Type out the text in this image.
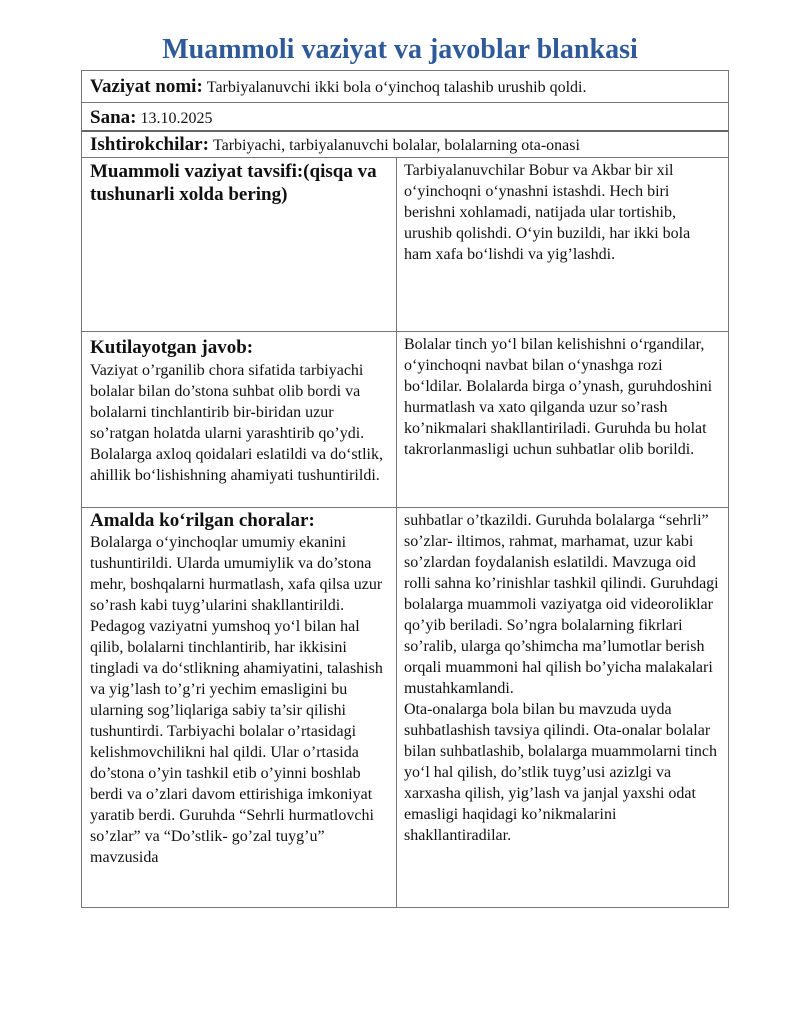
Muammoli vaziyat va javoblar blankasi
Vaziyat nomi: Tarbiyalanuvchi ikki bola o‘yinchoq talashib urushib qoldi.
Sana: 13.10.2025
Ishtirokchilar: Tarbiyachi, tarbiyalanuvchi bolalar, bolalarning ota-onasi
Muammoli vaziyat tavsifi:(qisqa va tushunarli xolda bering)
Tarbiyalanuvchilar Bobur va Akbar bir xil o‘yinchoqni o‘ynashni istashdi. Hech biri berishni xohlamadi, natijada ular tortishib, urushib qolishdi. O‘yin buzildi, har ikki bola ham xafa bo‘lishdi va yig’lashdi.
Kutilayotgan javob:
Vaziyat o’rganilib chora sifatida tarbiyachi bolalar bilan do’stona suhbat olib bordi va bolalarni tinchlantirib bir-biridan uzur so’ratgan holatda ularni yarashtirib qo’ydi. Bolalarga axloq qoidalari eslatildi va do‘stlik, ahillik bo‘lishishning ahamiyati tushuntirildi.
Bolalar tinch yo‘l bilan kelishishni o‘rgandilar, o‘yinchoqni navbat bilan o‘ynashga rozi bo‘ldilar. Bolalarda birga o’ynash, guruhdoshini hurmatlash va xato qilganda uzur so’rash ko’nikmalari shakllantiriladi. Guruhda bu holat takrorlanmasligi uchun suhbatlar olib borildi.
Amalda ko‘rilgan choralar:
Bolalarga o‘yinchoqlar umumiy ekanini tushuntirildi. Ularda umumiylik va do’stona mehr, boshqalarni hurmatlash, xafa qilsa uzur so’rash kabi tuyg’ularini shakllantirildi. Pedagog vaziyatni yumshoq yo‘l bilan hal qilib, bolalarni tinchlantirib, har ikkisini tingladi va do‘stlikning ahamiyatini, talashish va yig’lash to’g’ri yechim emasligini bu ularning sog’liqlariga sabiy ta’sir qilishi tushuntirdi. Tarbiyachi bolalar o’rtasidagi kelishmovchilikni hal qildi. Ular o’rtasida do’stona o’yin tashkil etib o’yinni boshlab berdi va o’zlari davom ettirishiga imkoniyat yaratib berdi. Guruhda “Sehrli hurmatlovchi so’zlar” va “Do’stlik- go’zal tuyg’u” mavzusida
suhbatlar o’tkazildi. Guruhda bolalarga “sehrli” so’zlar- iltimos, rahmat, marhamat, uzur kabi so’zlardan foydalanish eslatildi. Mavzuga oid rolli sahna ko’rinishlar tashkil qilindi. Guruhdagi bolalarga muammoli vaziyatga oid videoroliklar qo’yib beriladi. So’ngra bolalarning fikrlari so’ralib, ularga qo’shimcha ma’lumotlar berish orqali muammoni hal qilish bo’yicha malakalari mustahkamlandi.
Ota-onalarga bola bilan bu mavzuda uyda suhbatlashish tavsiya qilindi. Ota-onalar bolalar bilan suhbatlashib, bolalarga muammolarni tinch yo‘l hal qilish, do’stlik tuyg’usi azizlgi va xarxasha qilish, yig’lash va janjal yaxshi odat emasligi haqidagi ko’nikmalarini shakllantiradilar.
